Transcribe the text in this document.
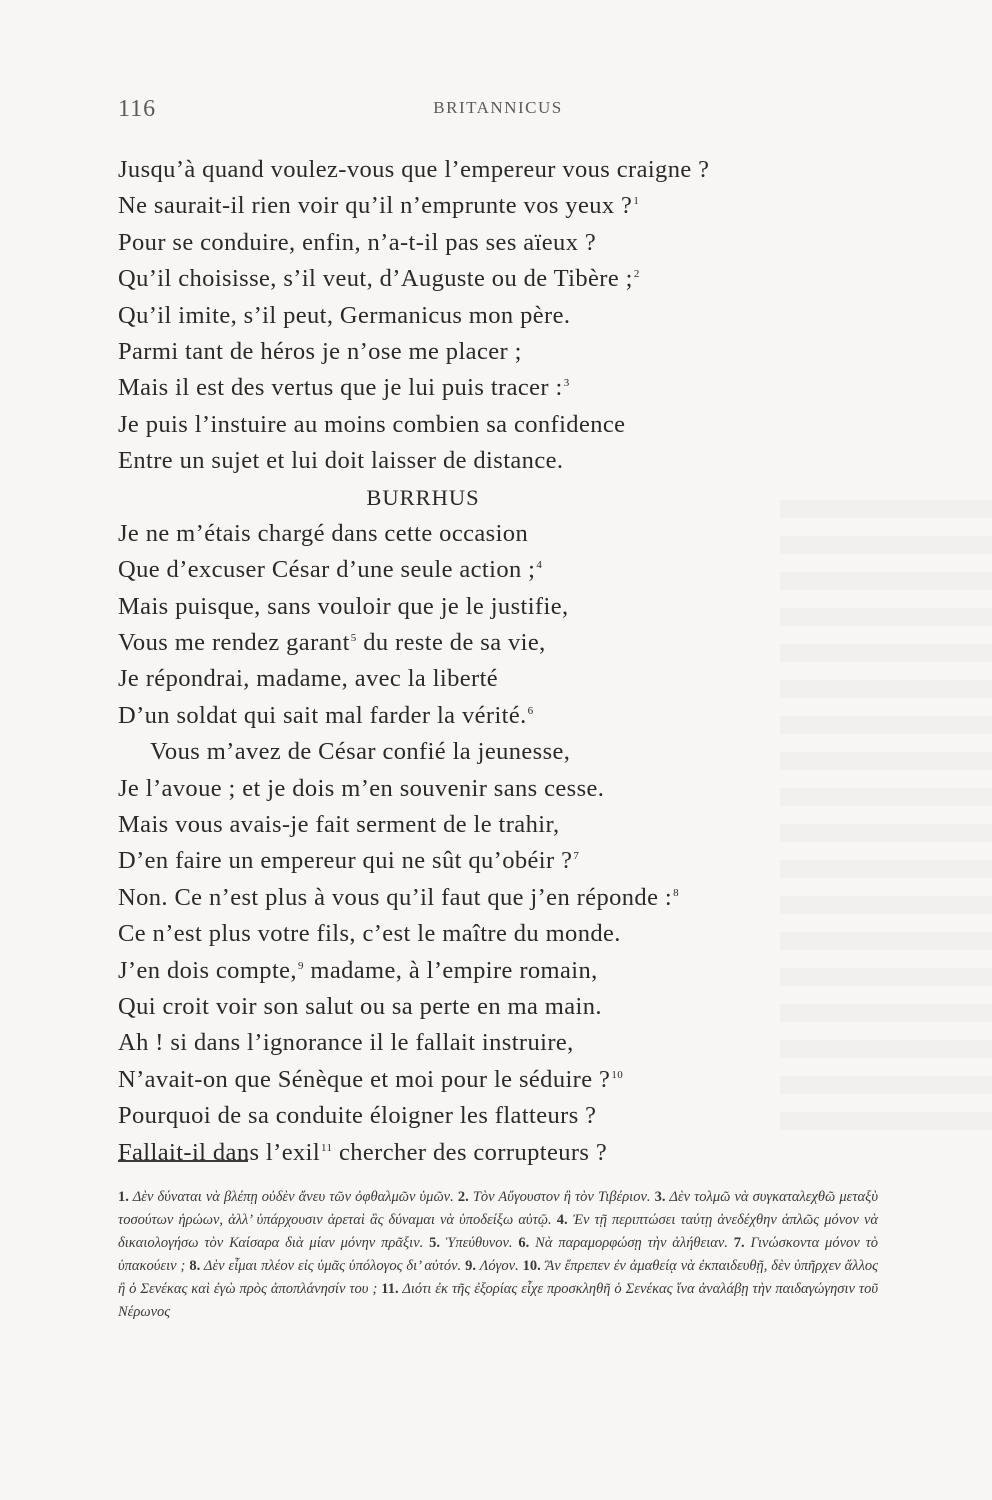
116	BRITANNICUS
Jusqu’à quand voulez-vous que l’empereur vous craigne ?
Ne saurait-il rien voir qu’il n’emprunte vos yeux ?$^1$
Pour se conduire, enfin, n’a-t-il pas ses aïeux ?
Qu’il choisisse, s’il veut, d’Auguste ou de Tibère ;$^2$
Qu’il imite, s’il peut, Germanicus mon père.
Parmi tant de héros je n’ose me placer ;
Mais il est des vertus que je lui puis tracer :$^3$
Je puis l’instuire au moins combien sa confidence
Entre un sujet et lui doit laisser de distance.
BURRHUS
Je ne m’étais chargé dans cette occasion
Que d’excuser César d’une seule action ;$^4$
Mais puisque, sans vouloir que je le justifie,
Vous me rendez garant$^5$ du reste de sa vie,
Je répondrai, madame, avec la liberté
D’un soldat qui sait mal farder la vérité.$^6$
Vous m’avez de César confié la jeunesse,
Je l’avoue ; et je dois m’en souvenir sans cesse.
Mais vous avais-je fait serment de le trahir,
D’en faire un empereur qui ne sût qu’obéir ?$^7$
Non. Ce n’est plus à vous qu’il faut que j’en réponde :$^8$
Ce n’est plus votre fils, c’est le maître du monde.
J’en dois compte,$^9$ madame, à l’empire romain,
Qui croit voir son salut ou sa perte en ma main.
Ah ! si dans l’ignorance il le fallait instruire,
N’avait-on que Sénèque et moi pour le séduire ?$^{10}$
Pourquoi de sa conduite éloigner les flatteurs ?
Fallait-il dans l’exil$^{11}$ chercher des corrupteurs ?
1. Δὲν δύναται νὰ βλέπῃ οὐδὲν ἄνευ τῶν ὀφθαλμῶν ὑμῶν. 2. Τὸν Αὔγουστον ἢ τὸν Τιβέριον. 3. Δὲν τολμῶ νὰ συγκαταλεχθῶ μεταξὺ τοσούτων ἡρώων, ἀλλ’ ὑπάρχουσιν ἀρεταὶ ἃς δύναμαι νὰ ὑποδείξω αὐτῷ. 4. Ἐν τῇ περιπτώσει ταύτῃ ἀνεδέχθην ἁπλῶς μόνον νὰ δικαιολογήσω τὸν Καίσαρα διὰ μίαν μόνην πρᾶξιν. 5. Ὑπεύθυνον. 6. Νὰ παραμορφώσῃ τὴν ἀλήθειαν. 7. Γινώσκοντα μόνον τὸ ὑπακούειν ; 8. Δὲν εἶμαι πλέον εἰς ὑμᾶς ὑπόλογος δι’ αὐτόν. 9. Λόγον. 10. Ἂν ἔπρεπεν ἐν ἀμαθείᾳ νὰ ἐκπαιδευθῇ, δὲν ὑπῆρχεν ἄλλος ἢ ὁ Σενέκας καὶ ἐγὼ πρὸς ἀποπλάνησίν του ; 11. Διότι ἐκ τῆς ἐξορίας εἶχε προσκληθῆ ὁ Σενέκας ἵνα ἀναλάβῃ τὴν παιδαγώγησιν τοῦ Νέρωνος
